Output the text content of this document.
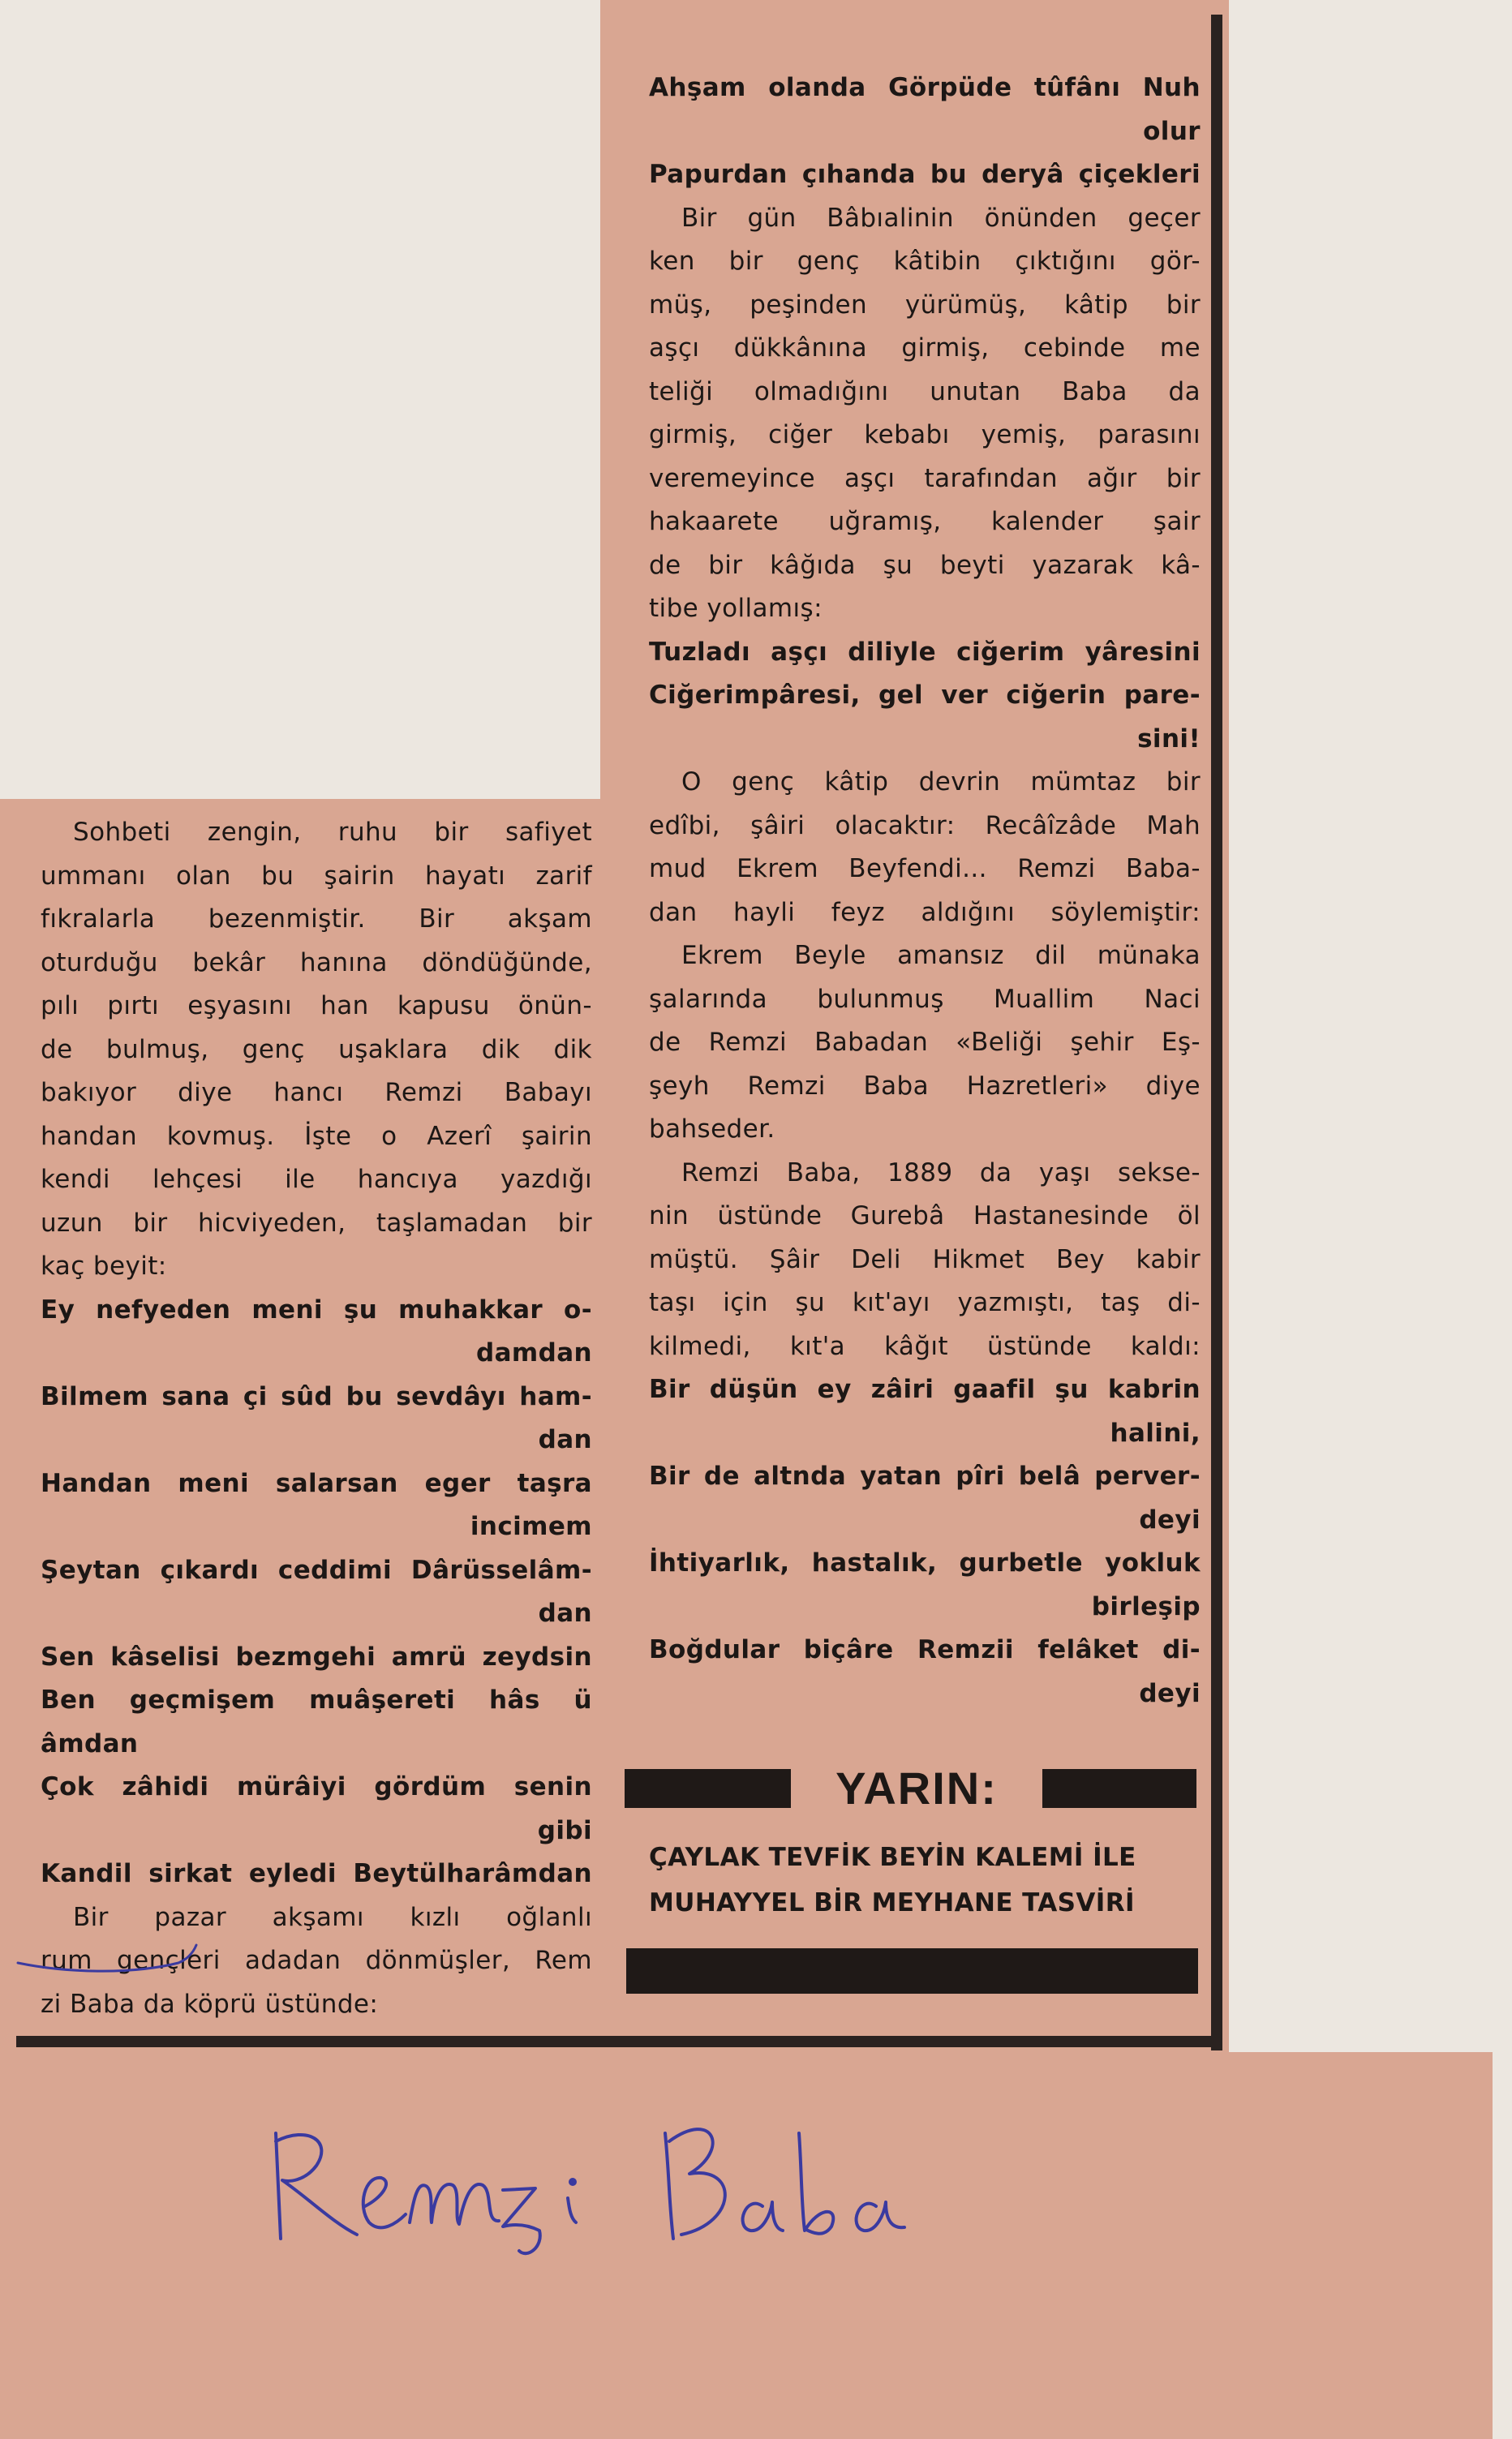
Sohbeti zengin, ruhu bir safiyet

ummanı olan bu şairin hayatı zarif

fıkralarla bezenmiştir. Bir akşam

oturduğu bekâr hanına döndüğünde,

pılı pırtı eşyasını han kapusu önün-

de bulmuş, genç uşaklara dik dik

bakıyor diye hancı Remzi Babayı

handan kovmuş. İşte o Azerî şairin

kendi lehçesi ile hancıya yazdığı

uzun bir hicviyeden, taşlamadan bir

kaç beyit:

Ey nefyeden meni şu muhakkar o-

damdan

Bilmem sana çi sûd bu sevdâyı ham-

dan

Handan meni salarsan eger taşra

incimem

Şeytan çıkardı ceddimi Dârüsselâm-

dan

Sen kâselisi bezmgehi amrü zeydsin

Ben geçmişem muâşereti hâs ü âmdan

Çok zâhidi mürâiyi gördüm senin

gibi

Kandil sirkat eyledi Beytülharâmdan

Bir pazar akşamı kızlı oğlanlı

rum gençleri adadan dönmüşler, Rem

zi Baba da köprü üstünde:

Ahşam olanda Görpüde tûfânı Nuh

olur

Papurdan çıhanda bu deryâ çiçekleri

Bir gün Bâbıalinin önünden geçer

ken bir genç kâtibin çıktığını gör-

müş, peşinden yürümüş, kâtip bir

aşçı dükkânına girmiş, cebinde me

teliği olmadığını unutan Baba da

girmiş, ciğer kebabı yemiş, parasını

veremeyince aşçı tarafından ağır bir

hakaarete uğramış, kalender şair

de bir kâğıda şu beyti yazarak kâ-

tibe yollamış:

Tuzladı aşçı diliyle ciğerim yâresini

Ciğerimpâresi, gel ver ciğerin pare-

sini!

O genç kâtip devrin mümtaz bir

edîbi, şâiri olacaktır: Recâîzâde Mah

mud Ekrem Beyfendi... Remzi Baba-

dan hayli feyz aldığını söylemiştir:

Ekrem Beyle amansız dil münaka

şalarında bulunmuş Muallim Naci

de Remzi Babadan «Beliği şehir Eş-

şeyh Remzi Baba Hazretleri» diye

bahseder.

Remzi Baba, 1889 da yaşı sekse-

nin üstünde Gurebâ Hastanesinde öl

müştü. Şâir Deli Hikmet Bey kabir

taşı için şu kıt'ayı yazmıştı, taş di-

kilmedi, kıt'a kâğıt üstünde kaldı:

Bir düşün ey zâiri gaafil şu kabrin

halini,

Bir de altnda yatan pîri belâ perver-

deyi

İhtiyarlık, hastalık, gurbetle yokluk

birleşip

Boğdular biçâre Remzii felâket di-

deyi

YARIN:

ÇAYLAK TEVFİK BEYİN KALEMİ İLE

MUHAYYEL BİR MEYHANE TASVİRİ

Remzi Baba
